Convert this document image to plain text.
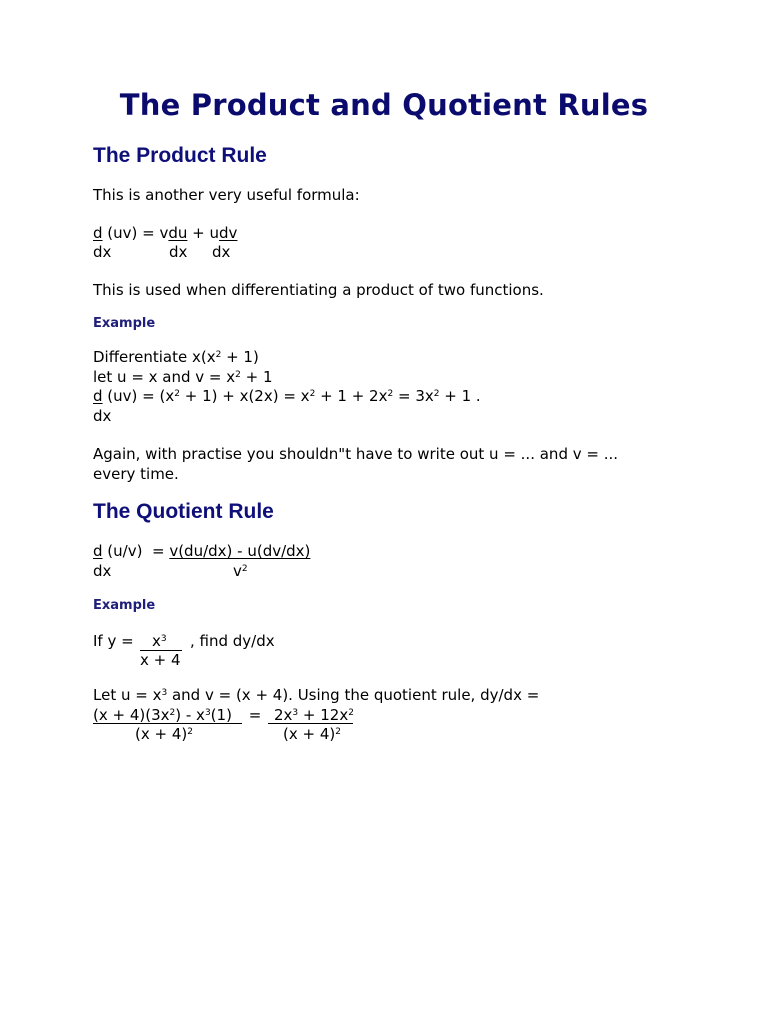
The Product and Quotient Rules
The Product Rule
This is another very useful formula:
d (uv) = vdu + udv
dx	dx dx
This is used when differentiating a product of two functions.
Example
Differentiate $x(x^2 + 1)$
let u = x and $v = x^2 + 1$
d $(uv) = (x^2 + 1) + x(2x) = x^2 + 1 + 2x^2 = 3x^2 + 1$ .
dx
Again, with practise you shouldn"t have to write out u = ... and v = ...
every time.
The Quotient Rule
d (u/v)  = v(du/dx) - u(dv/dx)
dx	$v^2$
Example
If $y = x^3$ , find dy/dx
x + 4
Let $u = x^3$ and v = (x + 4). Using the quotient rule, dy/dx =
$(x + 4)(3x^2) - x^3(1) = 2x^3 + 12x^2$
$(x + 4)^2$	$(x + 4)^2$
